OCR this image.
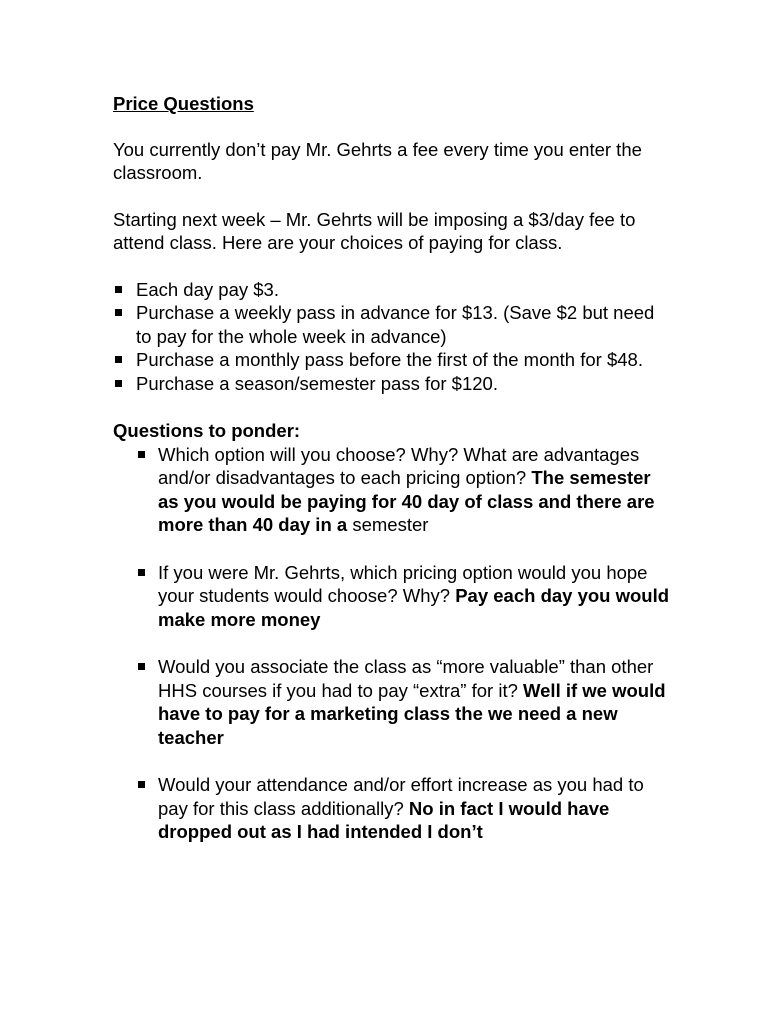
Price Questions

You currently don’t pay Mr. Gehrts a fee every time you enter the classroom.

Starting next week – Mr. Gehrts will be imposing a $3/day fee to attend class. Here are your choices of paying for class.

Each day pay $3.
Purchase a weekly pass in advance for $13. (Save $2 but need to pay for the whole week in advance)
Purchase a monthly pass before the first of the month for $48.
Purchase a season/semester pass for $120.
Questions to ponder:
Which option will you choose? Why? What are advantages and/or disadvantages to each pricing option? The semester as you would be paying for 40 day of class and there are more than 40 day in a semester
If you were Mr. Gehrts, which pricing option would you hope your students would choose? Why? Pay each day you would make more money
Would you associate the class as “more valuable” than other HHS courses if you had to pay “extra” for it? Well if we would have to pay for a marketing class the we need a new teacher
Would your attendance and/or effort increase as you had to pay for this class additionally? No in fact I would have dropped out as I had intended I don’t
